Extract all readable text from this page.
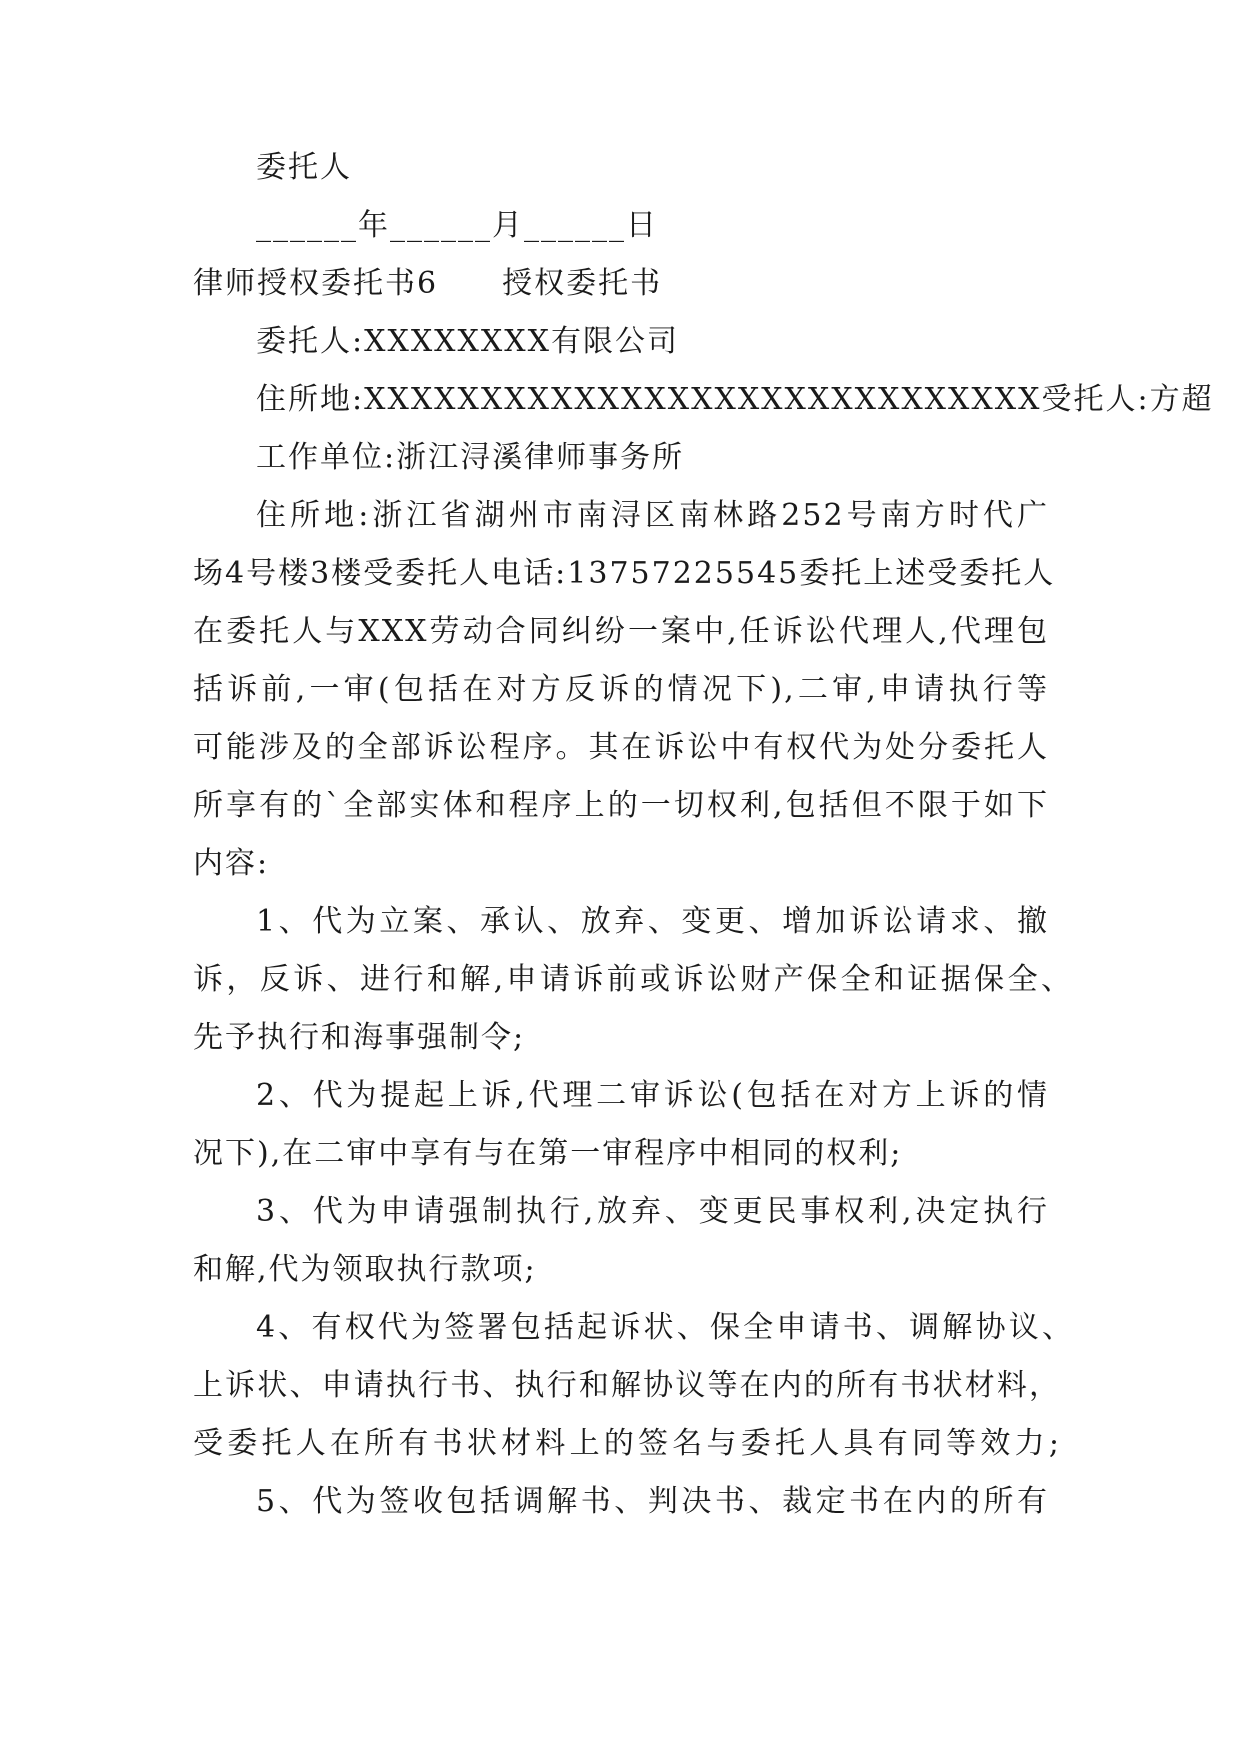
委托人
______年______月______日
律师授权委托书6　　授权委托书
委托人:XXXXXXXX有限公司
住所地:XXXXXXXXXXXXXXXXXXXXXXXXXXXXX受托人:方超
工作单位:浙江浔溪律师事务所
住所地:浙江省湖州市南浔区南林路252号南方时代广
场4号楼3楼受委托人电话:13757225545委托上述受委托人
在委托人与XXX劳动合同纠纷一案中,任诉讼代理人,代理包
括诉前,一审(包括在对方反诉的情况下),二审,申请执行等
可能涉及的全部诉讼程序。其在诉讼中有权代为处分委托人
所享有的`全部实体和程序上的一切权利,包括但不限于如下
内容:
1、代为立案、承认、放弃、变更、增加诉讼请求、撤
诉，反诉、进行和解,申请诉前或诉讼财产保全和证据保全、
先予执行和海事强制令;
2、代为提起上诉,代理二审诉讼(包括在对方上诉的情
况下),在二审中享有与在第一审程序中相同的权利;
3、代为申请强制执行,放弃、变更民事权利,决定执行
和解,代为领取执行款项;
4、有权代为签署包括起诉状、保全申请书、调解协议、
上诉状、申请执行书、执行和解协议等在内的所有书状材料，
受委托人在所有书状材料上的签名与委托人具有同等效力;
5、代为签收包括调解书、判决书、裁定书在内的所有
